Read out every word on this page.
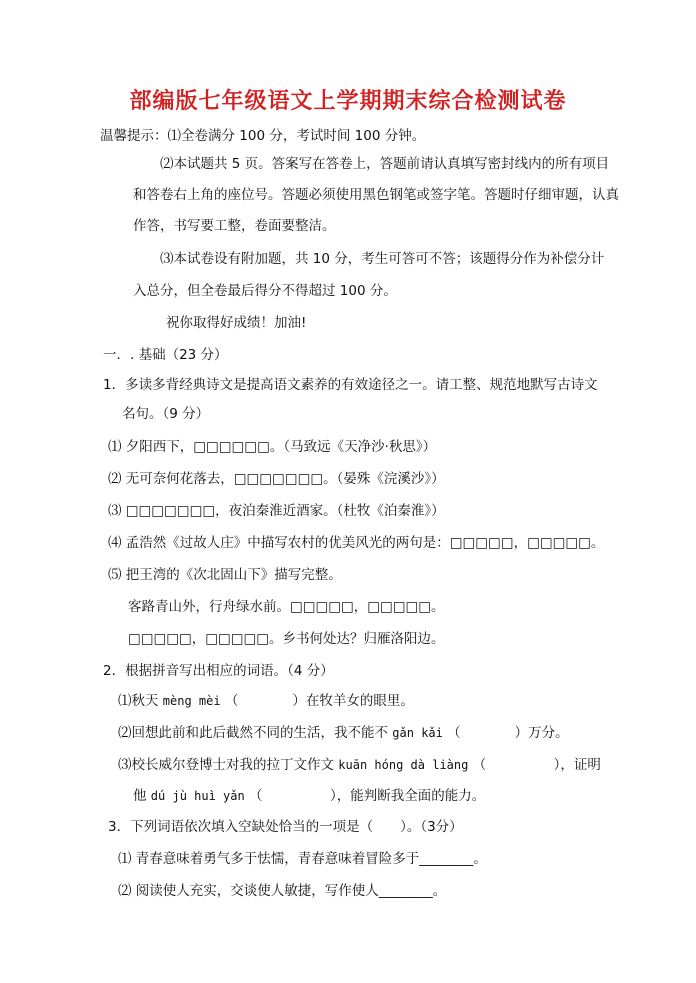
部编版七年级语文上学期期末综合检测试卷
温馨提示：⑴全卷满分 100 分，考试时间 100 分钟。
⑵本试题共 5 页。答案写在答卷上，答题前请认真填写密封线内的所有项目
和答卷右上角的座位号。答题必须使用黑色钢笔或签字笔。答题时仔细审题，认真
作答，书写要工整，卷面要整洁。
⑶本试卷设有附加题，共 10 分，考生可答可不答；该题得分作为补偿分计
入总分，但全卷最后得分不得超过 100 分。
祝你取得好成绩！加油!
一．. 基础（23 分）
1．多读多背经典诗文是提高语文素养的有效途径之一。请工整、规范地默写古诗文
名句。（9 分）
⑴ 夕阳西下，□□□□□□。（马致远《天净沙·秋思》）
⑵ 无可奈何花落去，□□□□□□□。（晏殊《浣溪沙》）
⑶ □□□□□□□，夜泊秦淮近酒家。（杜牧《泊秦淮》）
⑷ 孟浩然《过故人庄》中描写农村的优美风光的两句是：□□□□□，□□□□□。
⑸ 把王湾的《次北固山下》描写完整。
客路青山外，行舟绿水前。□□□□□，□□□□□。
□□□□□，□□□□□。乡书何处达？归雁洛阳边。
2．根据拼音写出相应的词语。（4 分）
⑴秋天 mèng mèi （　　　　）在牧羊女的眼里。
⑵回想此前和此后截然不同的生活，我不能不 gǎn kǎi （　　　　）万分。
⑶校长威尔登博士对我的拉丁文作文 kuān hóng dà liàng （　　　　　），证明
他 dú jù huì yǎn （　　　　　），能判断我全面的能力。
3．下列词语依次填入空缺处恰当的一项是（　　）。（3分）
⑴ 青春意味着勇气多于怯懦，青春意味着冒险多于________。
⑵ 阅读使人充实，交谈使人敏捷，写作使人________。
